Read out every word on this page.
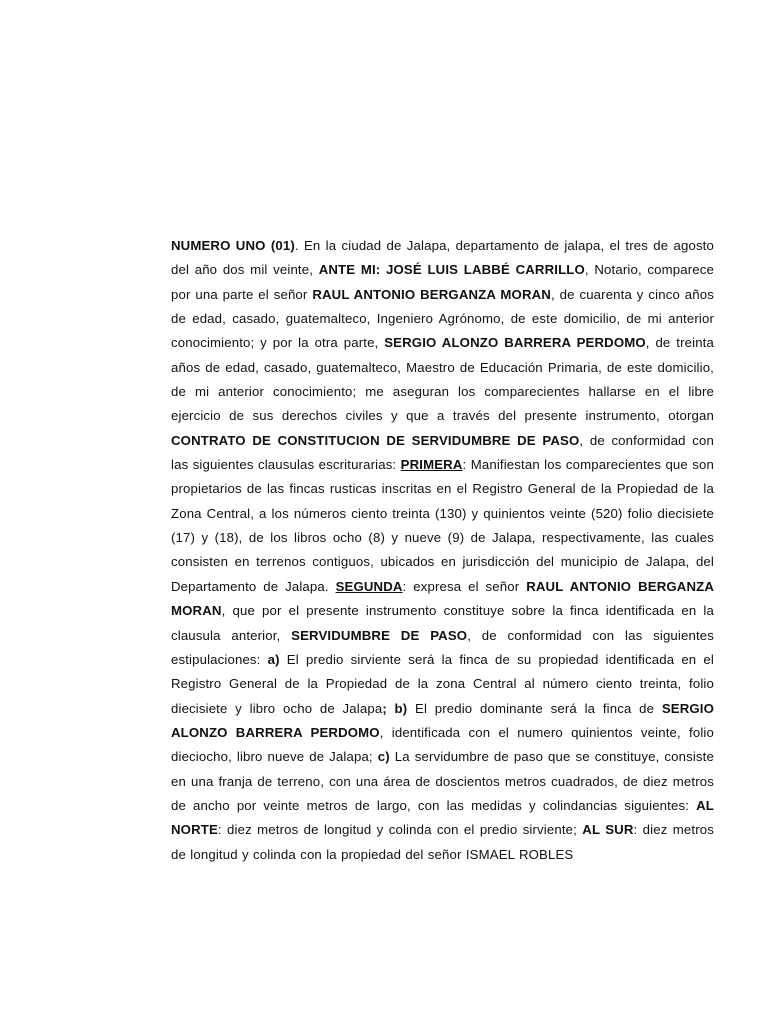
NUMERO UNO (01). En la ciudad de Jalapa, departamento de jalapa, el tres de agosto del año dos mil veinte, ANTE MI: JOSÉ LUIS LABBÉ CARRILLO, Notario, comparece por una parte el señor RAUL ANTONIO BERGANZA MORAN, de cuarenta y cinco años de edad, casado, guatemalteco, Ingeniero Agrónomo, de este domicilio, de mi anterior conocimiento; y por la otra parte, SERGIO ALONZO BARRERA PERDOMO, de treinta años de edad, casado, guatemalteco, Maestro de Educación Primaria, de este domicilio, de mi anterior conocimiento; me aseguran los comparecientes hallarse en el libre ejercicio de sus derechos civiles y que a través del presente instrumento, otorgan CONTRATO DE CONSTITUCION DE SERVIDUMBRE DE PASO, de conformidad con las siguientes clausulas escriturarias: PRIMERA: Manifiestan los comparecientes que son propietarios de las fincas rusticas inscritas en el Registro General de la Propiedad de la Zona Central, a los números ciento treinta (130) y quinientos veinte (520) folio diecisiete (17) y (18), de los libros ocho (8) y nueve (9) de Jalapa, respectivamente, las cuales consisten en terrenos contiguos, ubicados en jurisdicción del municipio de Jalapa, del Departamento de Jalapa. SEGUNDA: expresa el señor RAUL ANTONIO BERGANZA MORAN, que por el presente instrumento constituye sobre la finca identificada en la clausula anterior, SERVIDUMBRE DE PASO, de conformidad con las siguientes estipulaciones: a) El predio sirviente será la finca de su propiedad identificada en el Registro General de la Propiedad de la zona Central al número ciento treinta, folio diecisiete y libro ocho de Jalapa; b) El predio dominante será la finca de SERGIO ALONZO BARRERA PERDOMO, identificada con el numero quinientos veinte, folio dieciocho, libro nueve de Jalapa; c) La servidumbre de paso que se constituye, consiste en una franja de terreno, con una área de doscientos metros cuadrados, de diez metros de ancho por veinte metros de largo, con las medidas y colindancias siguientes: AL NORTE: diez metros de longitud y colinda con el predio sirviente; AL SUR: diez metros de longitud y colinda con la propiedad del señor ISMAEL ROBLES
